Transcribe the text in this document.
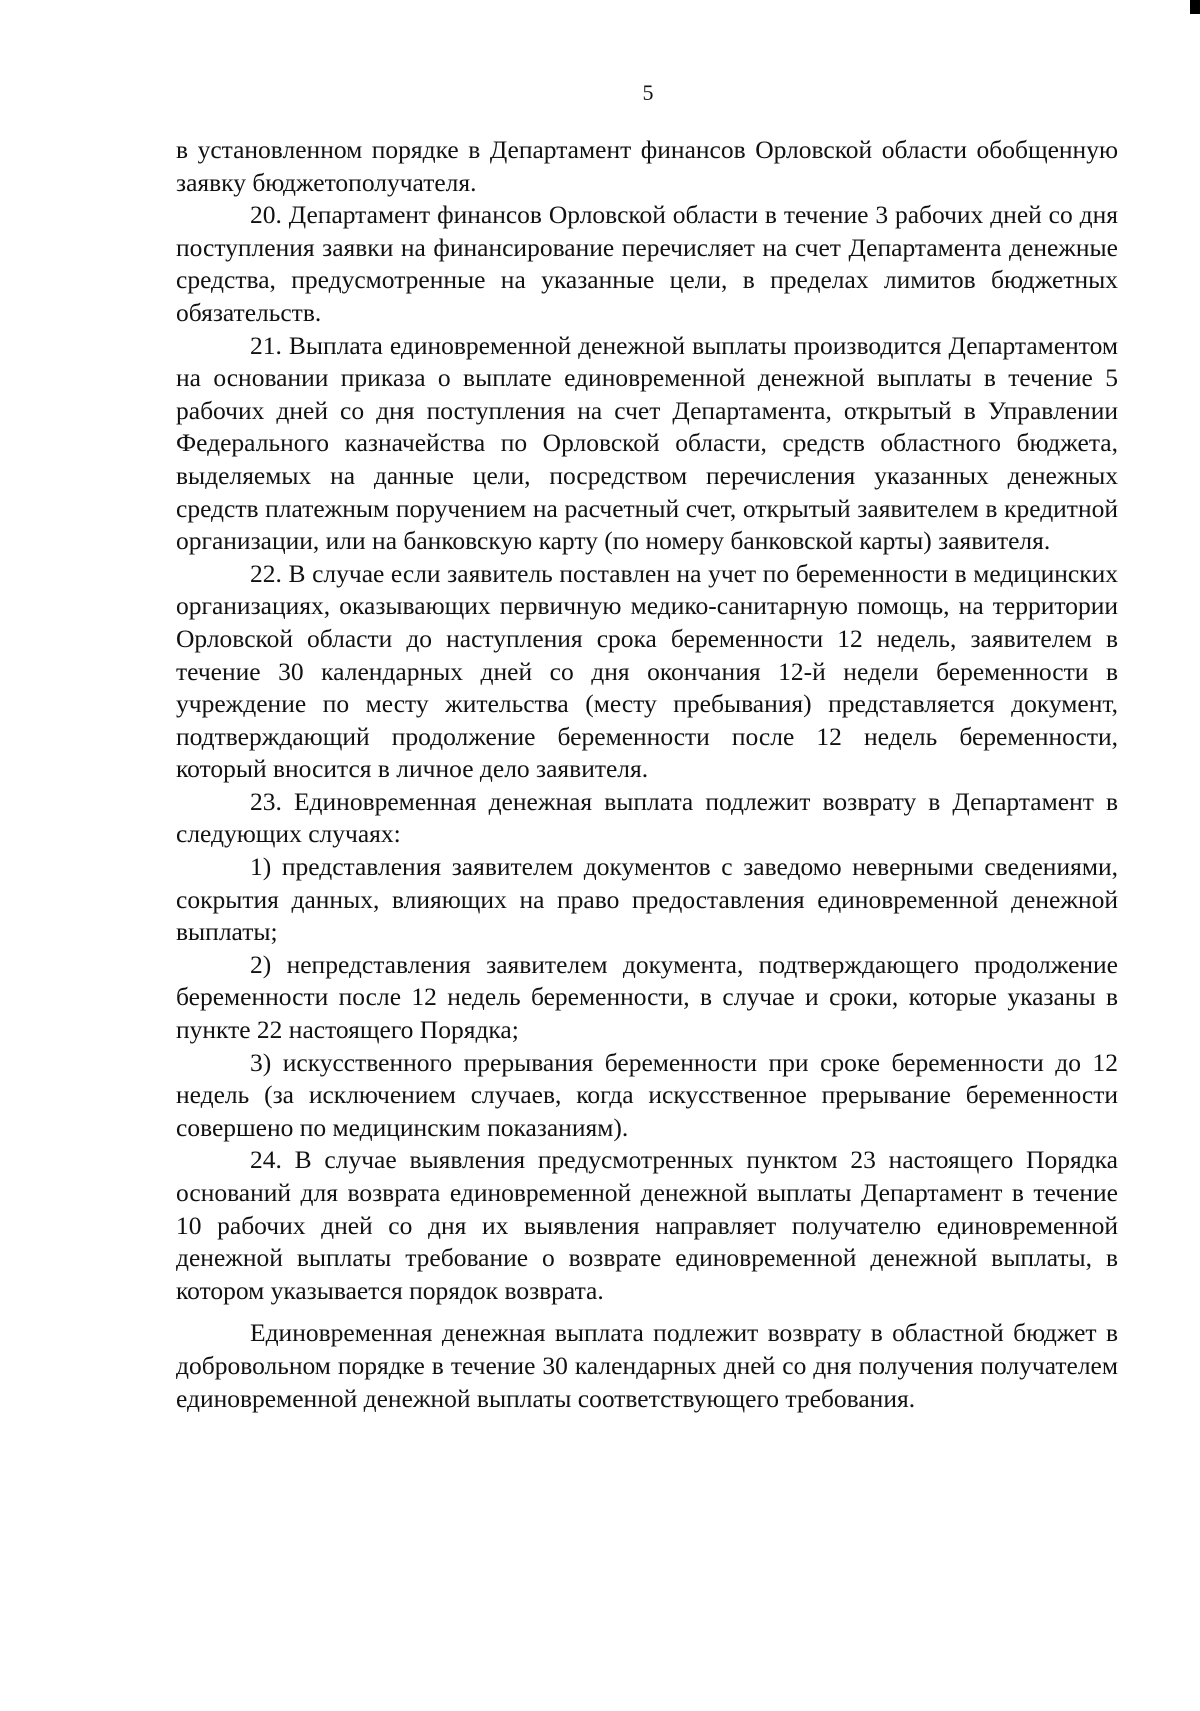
5

в установленном порядке в Департамент финансов Орловской области обобщенную заявку бюджетополучателя.

20. Департамент финансов Орловской области в течение 3 рабочих дней со дня поступления заявки на финансирование перечисляет на счет Департамента денежные средства, предусмотренные на указанные цели, в пределах лимитов бюджетных обязательств.

21. Выплата единовременной денежной выплаты производится Департаментом на основании приказа о выплате единовременной денежной выплаты в течение 5 рабочих дней со дня поступления на счет Департамента, открытый в Управлении Федерального казначейства по Орловской области, средств областного бюджета, выделяемых на данные цели, посредством перечисления указанных денежных средств платежным поручением на расчетный счет, открытый заявителем в кредитной организации, или на банковскую карту (по номеру банковской карты) заявителя.

22. В случае если заявитель поставлен на учет по беременности в медицинских организациях, оказывающих первичную медико-санитарную помощь, на территории Орловской области до наступления срока беременности 12 недель, заявителем в течение 30 календарных дней со дня окончания 12-й недели беременности в учреждение по месту жительства (месту пребывания) представляется документ, подтверждающий продолжение беременности после 12 недель беременности, который вносится в личное дело заявителя.

23. Единовременная денежная выплата подлежит возврату в Департамент в следующих случаях:

1) представления заявителем документов с заведомо неверными сведениями, сокрытия данных, влияющих на право предоставления единовременной денежной выплаты;

2) непредставления заявителем документа, подтверждающего продолжение беременности после 12 недель беременности, в случае и сроки, которые указаны в пункте 22 настоящего Порядка;

3) искусственного прерывания беременности при сроке беременности до 12 недель (за исключением случаев, когда искусственное прерывание беременности совершено по медицинским показаниям).

24. В случае выявления предусмотренных пунктом 23 настоящего Порядка оснований для возврата единовременной денежной выплаты Департамент в течение 10 рабочих дней со дня их выявления направляет получателю единовременной денежной выплаты требование о возврате единовременной денежной выплаты, в котором указывается порядок возврата.

Единовременная денежная выплата подлежит возврату в областной бюджет в добровольном порядке в течение 30 календарных дней со дня получения получателем единовременной денежной выплаты соответствующего требования.
